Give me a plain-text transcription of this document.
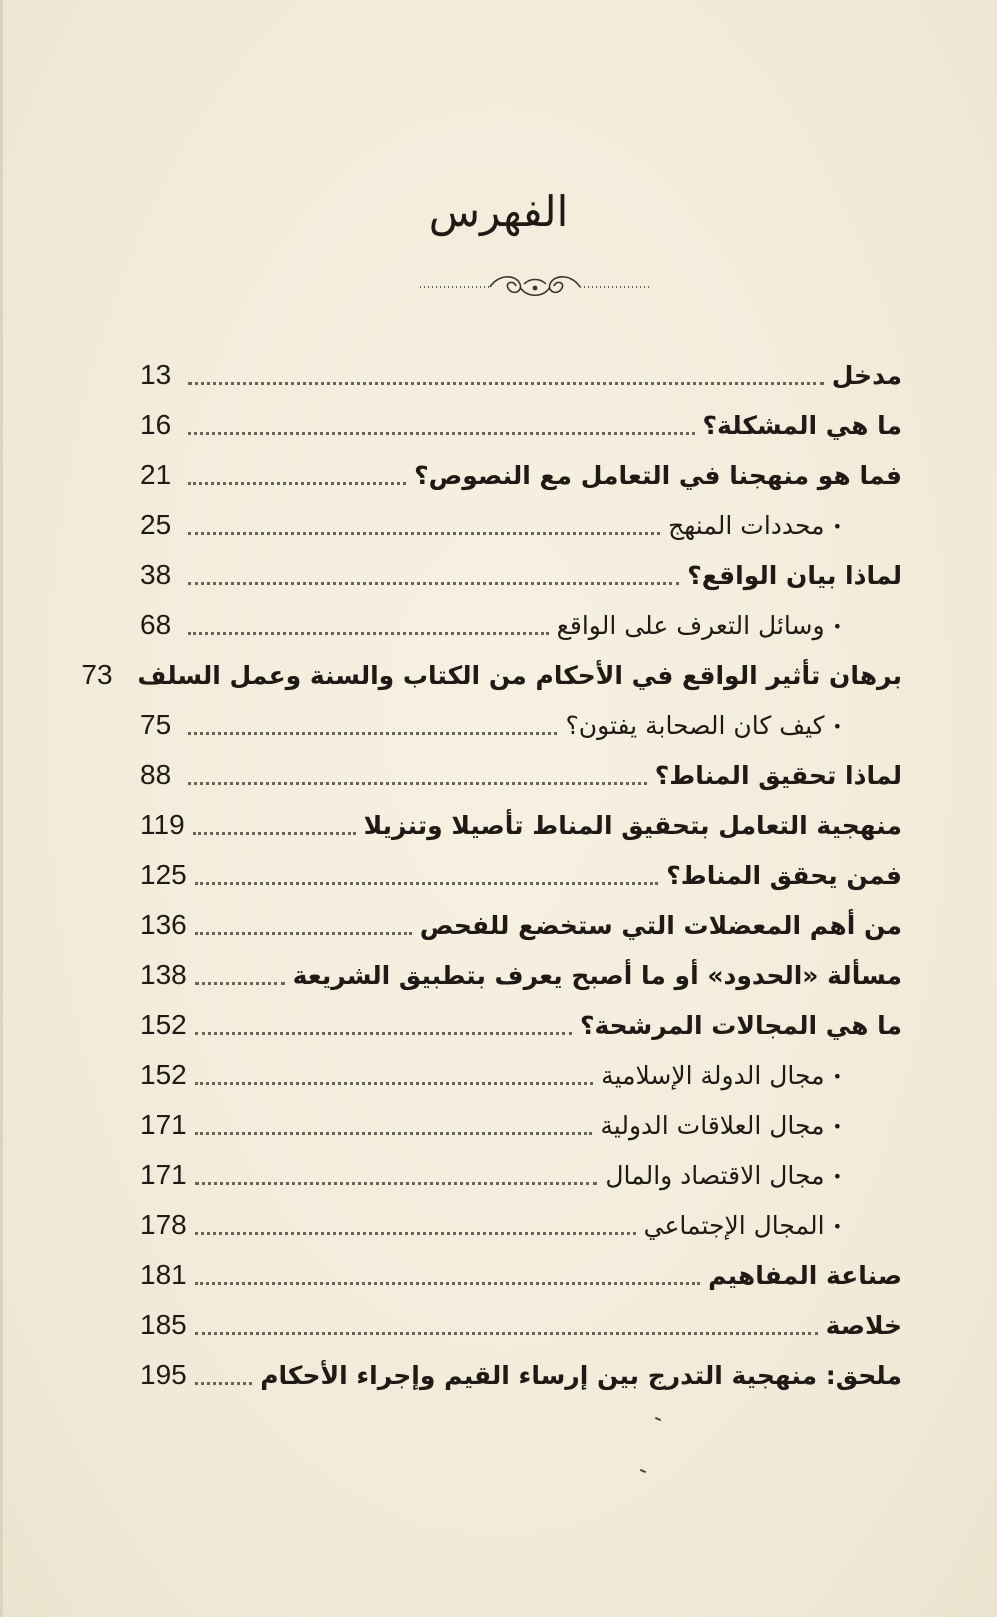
الفهرس
مدخل
13
ما هي المشكلة؟
16
فما هو منهجنا في التعامل مع النصوص؟
21
• محددات المنهج
25
لماذا بيان الواقع؟
38
• وسائل التعرف على الواقع
68
برهان تأثير الواقع في الأحكام من الكتاب والسنة وعمل السلف
73
• كيف كان الصحابة يفتون؟
75
لماذا تحقيق المناط؟
88
منهجية التعامل بتحقيق المناط تأصيلا وتنزيلا
119
فمن يحقق المناط؟
125
من أهم المعضلات التي ستخضع للفحص
136
مسألة «الحدود» أو ما أصبح يعرف بتطبيق الشريعة
138
ما هي المجالات المرشحة؟
152
• مجال الدولة الإسلامية
152
• مجال العلاقات الدولية
171
• مجال الاقتصاد والمال
171
• المجال الإجتماعي
178
صناعة المفاهيم
181
خلاصة
185
ملحق: منهجية التدرج بين إرساء القيم وإجراء الأحكام
195
